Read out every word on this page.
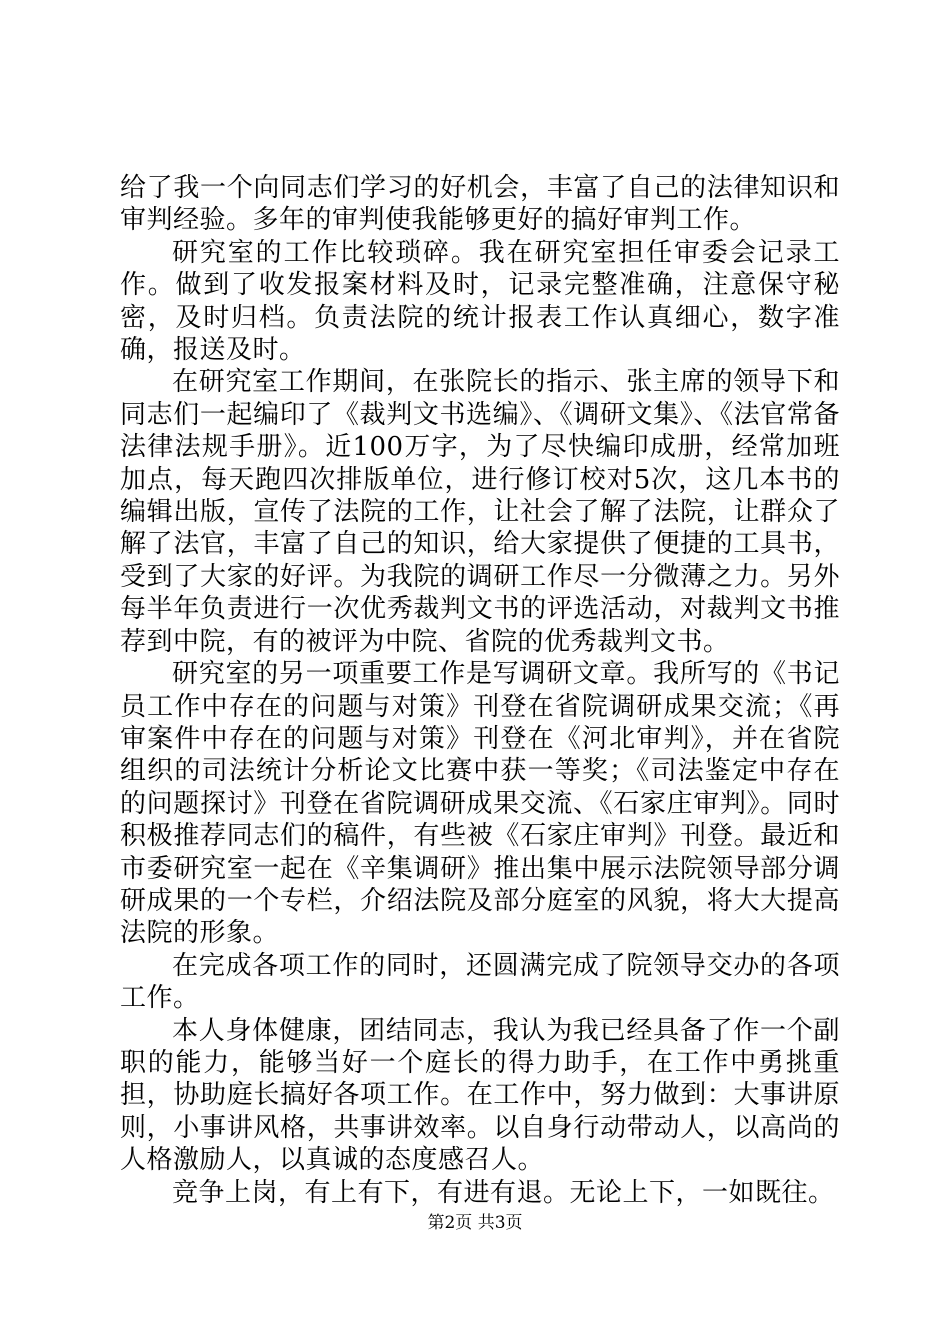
给了我一个向同志们学习的好机会，丰富了自己的法律知识和审判经验。多年的审判使我能够更好的搞好审判工作。

研究室的工作比较琐碎。我在研究室担任审委会记录工作。做到了收发报案材料及时，记录完整准确，注意保守秘密，及时归档。负责法院的统计报表工作认真细心，数字准确，报送及时。

在研究室工作期间，在张院长的指示、张主席的领导下和同志们一起编印了《裁判文书选编》、《调研文集》、《法官常备法律法规手册》。近100万字，为了尽快编印成册，经常加班加点，每天跑四次排版单位，进行修订校对5次，这几本书的编辑出版，宣传了法院的工作，让社会了解了法院，让群众了解了法官，丰富了自己的知识，给大家提供了便捷的工具书，受到了大家的好评。为我院的调研工作尽一分微薄之力。另外每半年负责进行一次优秀裁判文书的评选活动，对裁判文书推荐到中院，有的被评为中院、省院的优秀裁判文书。

研究室的另一项重要工作是写调研文章。我所写的《书记员工作中存在的问题与对策》刊登在省院调研成果交流；《再审案件中存在的问题与对策》刊登在《河北审判》，并在省院组织的司法统计分析论文比赛中获一等奖；《司法鉴定中存在的问题探讨》刊登在省院调研成果交流、《石家庄审判》。同时积极推荐同志们的稿件，有些被《石家庄审判》刊登。最近和市委研究室一起在《辛集调研》推出集中展示法院领导部分调研成果的一个专栏，介绍法院及部分庭室的风貌，将大大提高法院的形象。

在完成各项工作的同时，还圆满完成了院领导交办的各项工作。

本人身体健康，团结同志，我认为我已经具备了作一个副职的能力，能够当好一个庭长的得力助手，在工作中勇挑重担，协助庭长搞好各项工作。在工作中，努力做到：大事讲原则，小事讲风格，共事讲效率。以自身行动带动人，以高尚的人格激励人，以真诚的态度感召人。

竞争上岗，有上有下，有进有退。无论上下，一如既往。

第2页 共3页
